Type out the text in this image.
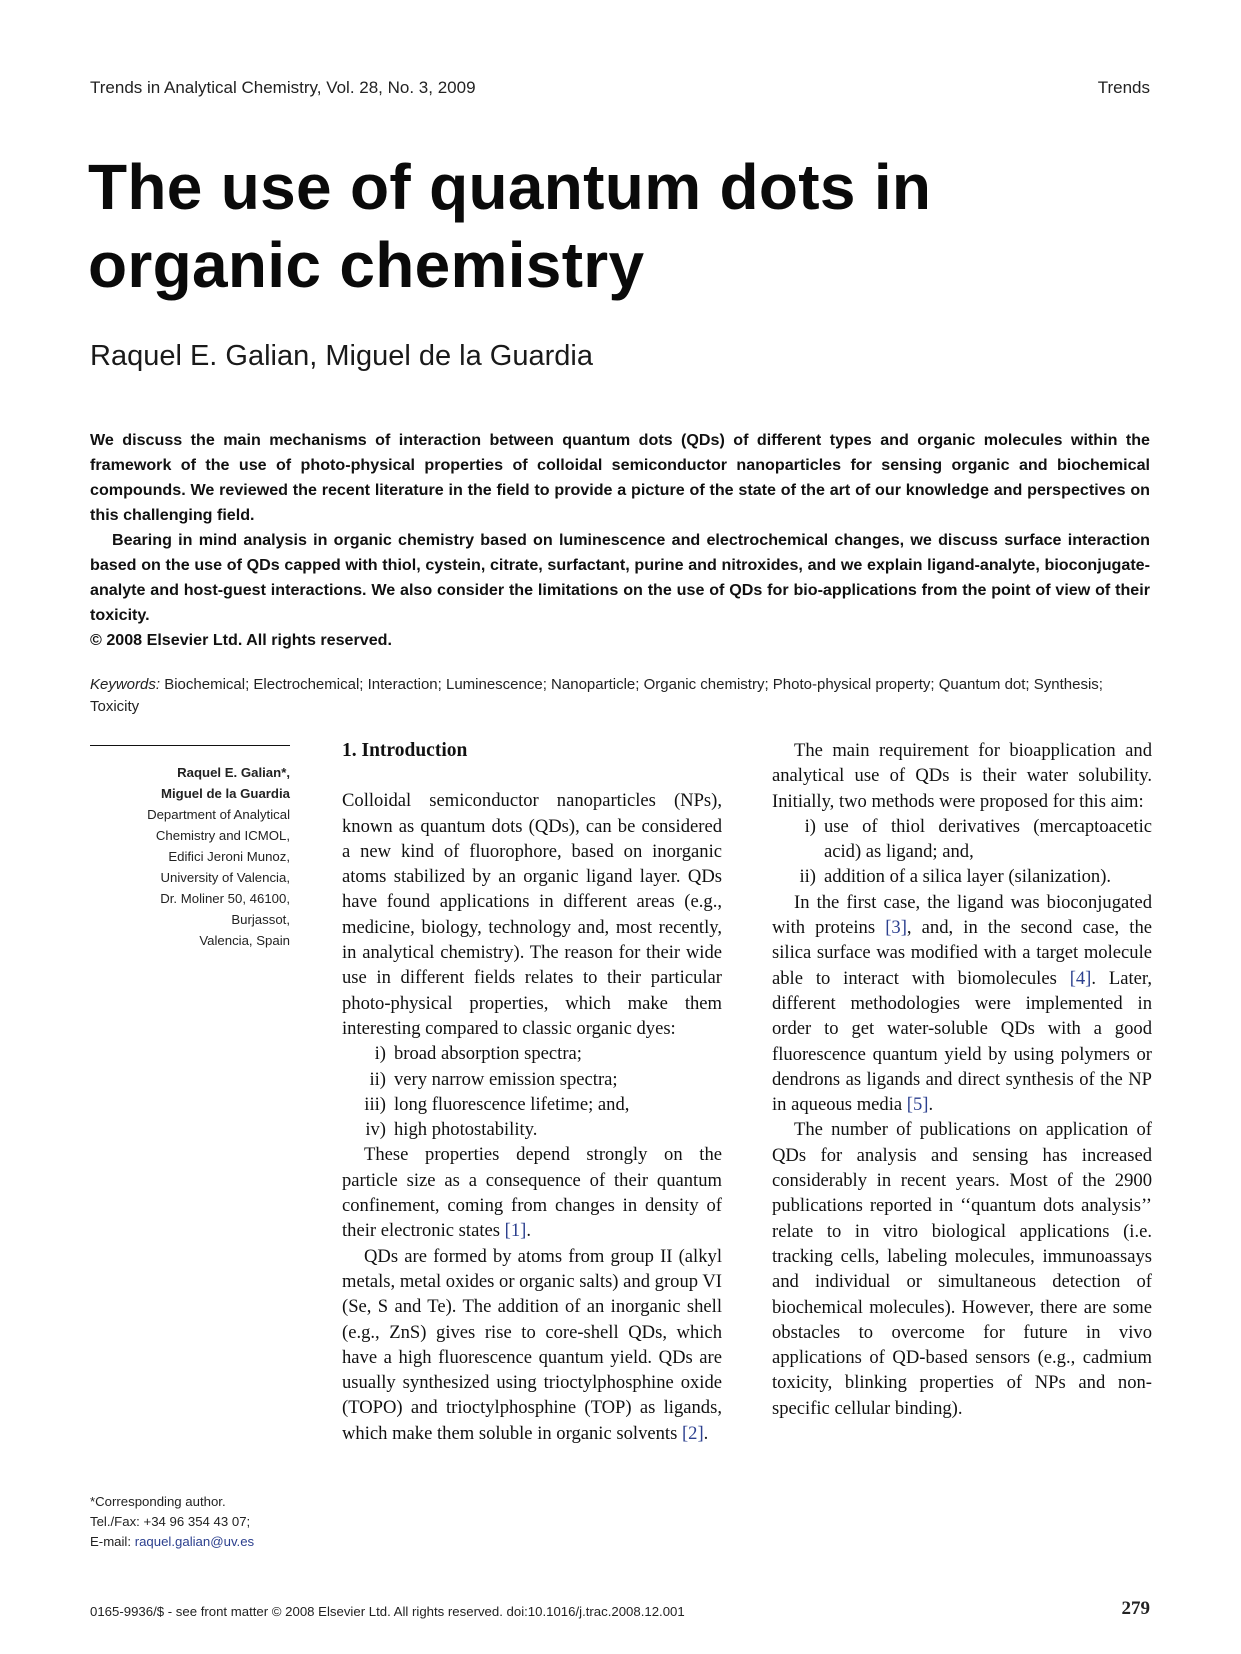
Trends in Analytical Chemistry, Vol. 28, No. 3, 2009	Trends
The use of quantum dots in organic chemistry
Raquel E. Galian, Miguel de la Guardia

We discuss the main mechanisms of interaction between quantum dots (QDs) of different types and organic molecules within the framework of the use of photo-physical properties of colloidal semiconductor nanoparticles for sensing organic and biochemical compounds. We reviewed the recent literature in the field to provide a picture of the state of the art of our knowledge and perspectives on this challenging field.

Bearing in mind analysis in organic chemistry based on luminescence and electrochemical changes, we discuss surface interaction based on the use of QDs capped with thiol, cystein, citrate, surfactant, purine and nitroxides, and we explain ligand-analyte, bioconjugate-analyte and host-guest interactions. We also consider the limitations on the use of QDs for bio-applications from the point of view of their toxicity.

© 2008 Elsevier Ltd. All rights reserved.

Keywords: Biochemical; Electrochemical; Interaction; Luminescence; Nanoparticle; Organic chemistry; Photo-physical property; Quantum dot; Synthesis; Toxicity
Raquel E. Galian*,
Miguel de la Guardia
Department of Analytical
Chemistry and ICMOL,
Edifici Jeroni Munoz,
University of Valencia,
Dr. Moliner 50, 46100,
Burjassot,
Valencia, Spain
*Corresponding author.
Tel./Fax: +34 96 354 43 07;
E-mail: raquel.galian@uv.es
1. Introduction

Colloidal semiconductor nanoparticles (NPs), known as quantum dots (QDs), can be considered a new kind of fluorophore, based on inorganic atoms stabilized by an organic ligand layer. QDs have found applications in different areas (e.g., medicine, biology, technology and, most recently, in analytical chemistry). The reason for their wide use in different fields relates to their particular photo-physical properties, which make them interesting compared to classic organic dyes:

i) broad absorption spectra;
ii) very narrow emission spectra;
iii) long fluorescence lifetime; and,
iv) high photostability.

These properties depend strongly on the particle size as a consequence of their quantum confinement, coming from changes in density of their electronic states [1].

QDs are formed by atoms from group II (alkyl metals, metal oxides or organic salts) and group VI (Se, S and Te). The addition of an inorganic shell (e.g., ZnS) gives rise to core-shell QDs, which have a high fluorescence quantum yield. QDs are usually synthesized using trioctylphosphine oxide (TOPO) and trioctylphosphine (TOP) as ligands, which make them soluble in organic solvents [2].

The main requirement for bioapplication and analytical use of QDs is their water solubility. Initially, two methods were proposed for this aim:

i) use of thiol derivatives (mercaptoacetic acid) as ligand; and,
ii) addition of a silica layer (silanization).

In the first case, the ligand was bioconjugated with proteins [3], and, in the second case, the silica surface was modified with a target molecule able to interact with biomolecules [4]. Later, different methodologies were implemented in order to get water-soluble QDs with a good fluorescence quantum yield by using polymers or dendrons as ligands and direct synthesis of the NP in aqueous media [5].

The number of publications on application of QDs for analysis and sensing has increased considerably in recent years. Most of the 2900 publications reported in ‘‘quantum dots analysis’’ relate to in vitro biological applications (i.e. tracking cells, labeling molecules, immunoassays and individual or simultaneous detection of biochemical molecules). However, there are some obstacles to overcome for future in vivo applications of QD-based sensors (e.g., cadmium toxicity, blinking properties of NPs and non-specific cellular binding).

0165-9936/$ - see front matter © 2008 Elsevier Ltd. All rights reserved. doi:10.1016/j.trac.2008.12.001	279
